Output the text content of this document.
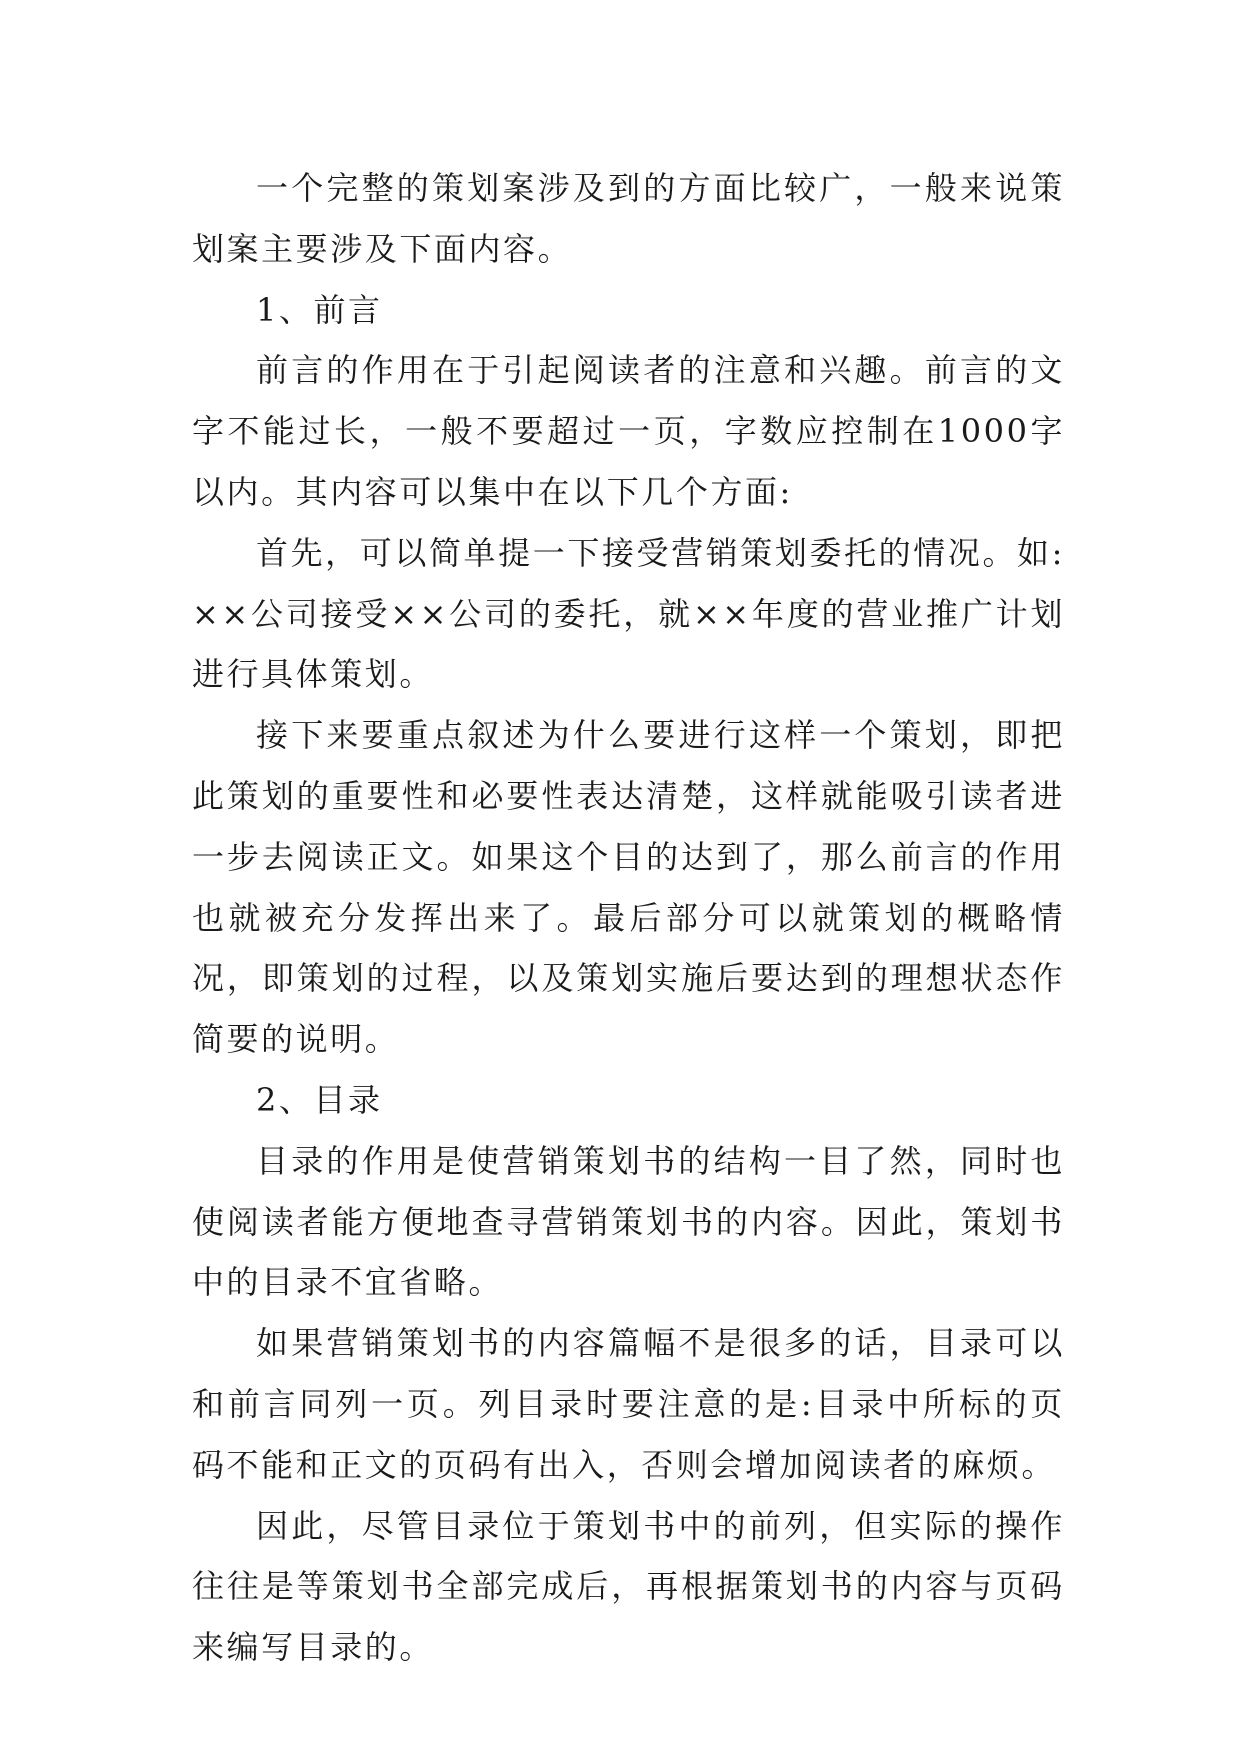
一个完整的策划案涉及到的方面比较广，一般来说策划案主要涉及下面内容。

1、前言

前言的作用在于引起阅读者的注意和兴趣。前言的文字不能过长，一般不要超过一页，字数应控制在1000字以内。其内容可以集中在以下几个方面:

首先，可以简单提一下接受营销策划委托的情况。如:××公司接受××公司的委托，就××年度的营业推广计划进行具体策划。

接下来要重点叙述为什么要进行这样一个策划，即把此策划的重要性和必要性表达清楚，这样就能吸引读者进一步去阅读正文。如果这个目的达到了，那么前言的作用也就被充分发挥出来了。最后部分可以就策划的概略情况，即策划的过程，以及策划实施后要达到的理想状态作简要的说明。

2、目录

目录的作用是使营销策划书的结构一目了然，同时也使阅读者能方便地查寻营销策划书的内容。因此，策划书中的目录不宜省略。

如果营销策划书的内容篇幅不是很多的话，目录可以和前言同列一页。列目录时要注意的是:目录中所标的页码不能和正文的页码有出入，否则会增加阅读者的麻烦。

因此，尽管目录位于策划书中的前列，但实际的操作往往是等策划书全部完成后，再根据策划书的内容与页码来编写目录的。
